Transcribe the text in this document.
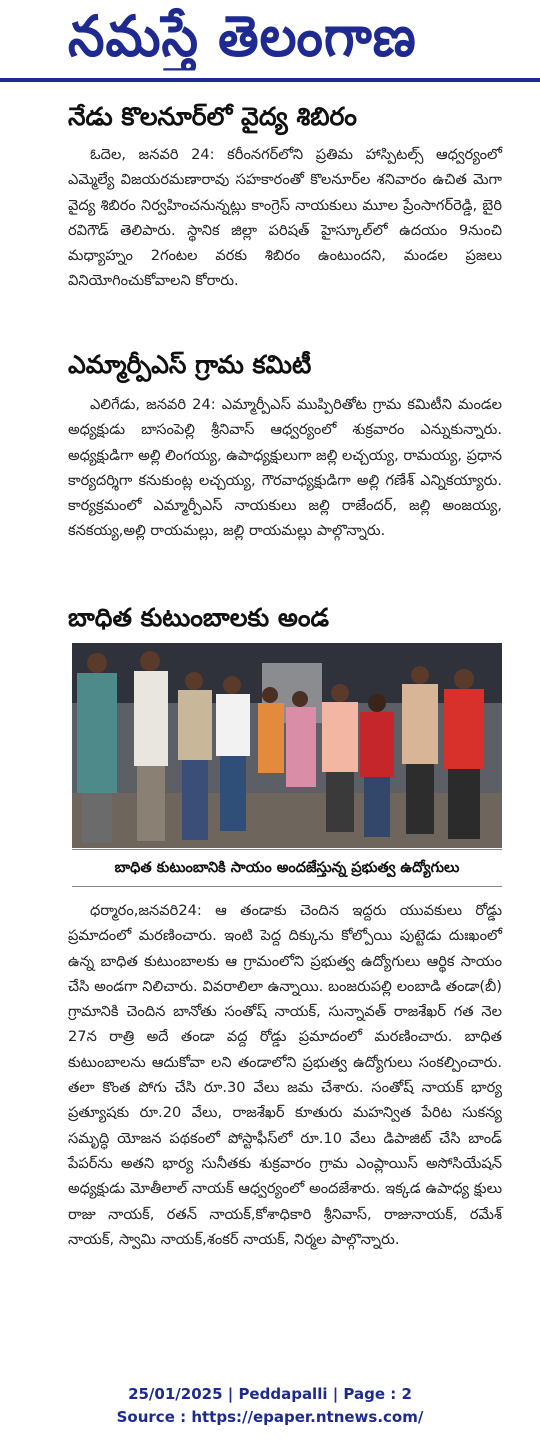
నమస్తే తెలంగాణ
నేడు కొలనూర్‌లో వైద్య శిబిరం
ఓదెల, జనవరి 24: కరీంనగర్‌లోని ప్రతిమ హాస్పిటల్స్ ఆధ్వర్యంలో ఎమ్మెల్యే విజయరమణారావు సహకారంతో కొలనూర్‌ల శనివారం ఉచిత మెగా వైద్య శిబిరం నిర్వహించనున్నట్లు కాంగ్రెస్ నాయకులు మూల ప్రేంసాగర్‌రెడ్డి, బైరి రవిగౌడ్ తెలిపారు. స్థానిక జిల్లా పరిషత్ హైస్కూల్‌లో ఉదయం 9నుంచి మధ్యాహ్నం 2గంటల వరకు శిబిరం ఉంటుందని, మండల ప్రజలు వినియోగించుకోవాలని కోరారు.
ఎమ్మార్పీఎస్ గ్రామ కమిటీ
ఎలిగేడు, జనవరి 24: ఎమ్మార్పీఎస్ ముప్పిరితోట గ్రామ కమిటీని మండల అధ్యక్షుడు బాసంపెల్లి శ్రీనివాస్ ఆధ్వర్యంలో శుక్రవారం ఎన్నుకున్నారు. అధ్యక్షుడిగా అల్లి లింగయ్య, ఉపాధ్యక్షులుగా జల్లి లచ్చయ్య, రామయ్య, ప్రధాన కార్యదర్శిగా కనుకుంట్ల లచ్చయ్య, గౌరవాధ్యక్షుడిగా అల్లి గణేశ్ ఎన్నికయ్యారు. కార్యక్రమంలో ఎమ్మార్పీఎస్ నాయకులు జల్లి రాజేందర్, జల్లి అంజయ్య, కనకయ్య,అల్లి రాయమల్లు, జల్లి రాయమల్లు పాల్గొన్నారు.
బాధిత కుటుంబాలకు అండ
బాధిత కుటుంబానికి సాయం అందజేస్తున్న ప్రభుత్వ ఉద్యోగులు
ధర్మారం,జనవరి24: ఆ తండాకు చెందిన ఇద్దరు యువకులు రోడ్డు ప్రమాదంలో మరణించారు. ఇంటి పెద్ద దిక్కును కోల్పోయి పుట్టెడు దుఃఖంలో ఉన్న బాధిత కుటుంబాలకు ఆ గ్రామంలోని ప్రభుత్వ ఉద్యోగులు ఆర్థిక సాయం చేసి అండగా నిలిచారు. వివరాలిలా ఉన్నాయి. బంజరుపల్లి లంబాడి తండా(బీ) గ్రామానికి చెందిన బానోతు సంతోష్ నాయక్, సున్నావత్ రాజశేఖర్ గత నెల 27న రాత్రి అదే తండా వద్ద రోడ్డు ప్రమాదంలో మరణించారు. బాధిత కుటుంబాలను ఆదుకోవా లని తండాలోని ప్రభుత్వ ఉద్యోగులు సంకల్పించారు. తలా కొంత పోగు చేసి రూ.30 వేలు జమ చేశారు. సంతోష్ నాయక్ భార్య ప్రత్యూషకు రూ.20 వేలు, రాజశేఖర్ కూతురు మహన్విత పేరిట సుకన్య సమృద్ధి యోజన పథకంలో పోస్టాఫీస్‌లో రూ.10 వేలు డిపాజిట్ చేసి బాండ్ పేపర్‌ను అతని భార్య సునీతకు శుక్రవారం గ్రామ ఎంప్లాయిస్ అసోసియేషన్ అధ్యక్షుడు మోతీలాల్ నాయక్ ఆధ్వర్యంలో అందజేశారు. ఇక్కడ ఉపాధ్య క్షులు రాజు నాయక్, రతన్ నాయక్,కోశాధికారి శ్రీనివాస్, రాజునాయక్, రమేశ్ నాయక్, స్వామి నాయక్,శంకర్ నాయక్, నిర్మల పాల్గొన్నారు.
25/01/2025 | Peddapalli | Page : 2
Source : https://epaper.ntnews.com/
